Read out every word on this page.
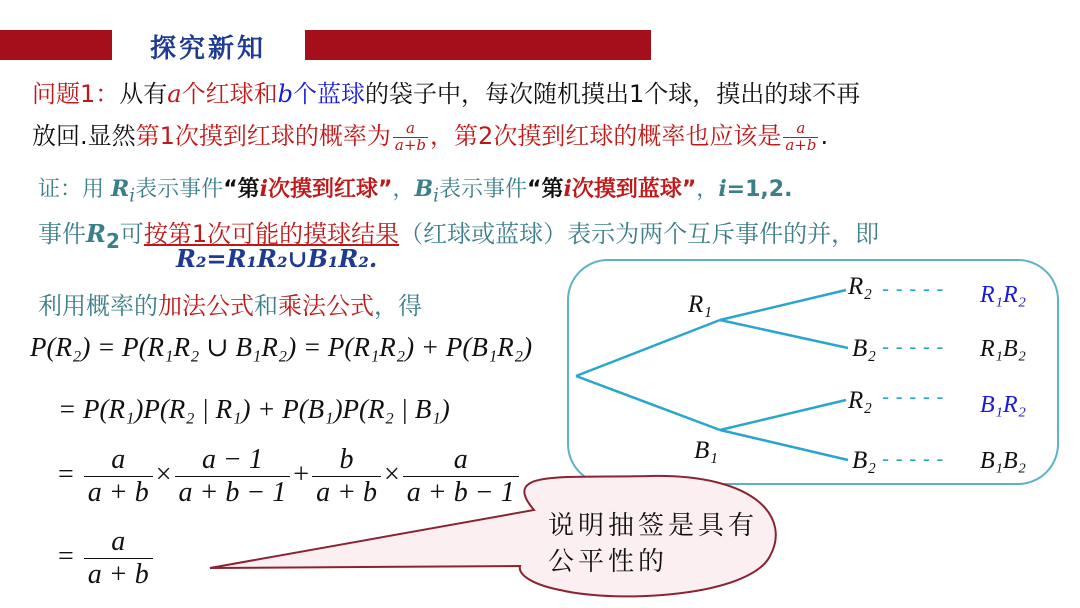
探究新知
问题1：从有a个红球和b个蓝球的袋子中，每次随机摸出1个球，摸出的球不再
放回.显然第1次摸到红球的概率为 $\frac{a}{a+b}$ ，第2次摸到红球的概率也应该是 $\frac{a}{a+b}$ .
证：用 $R_i$表示事件“第i次摸到红球”，$B_i$表示事件“第i次摸到蓝球”，i=1,2.
事件$R_2$可按第1次可能的摸球结果（红球或蓝球）表示为两个互斥事件的并，即
R₂=R₁R₂∪B₁R₂.
利用概率的加法公式和乘法公式，得
P(R₂) = P(R₁R₂ ∪ B₁R₂) = P(R₁R₂) + P(B₁R₂)
= P(R₁)P(R₂ | R₁) + P(B₁)P(R₂ | B₁)
= $\frac{a}{a + b} \times \frac{a - 1}{a + b - 1} + \frac{b}{a + b} \times \frac{a}{a + b - 1}$
= $\frac{a}{a + b}$
R₁
B₁
R₂
B₂
R₂
B₂
- - - - -
- - - - -
- - - - -
- - - - -
R₁R₂
R₁B₂
B₁R₂
B₁B₂
说明抽签是具有公平性的
